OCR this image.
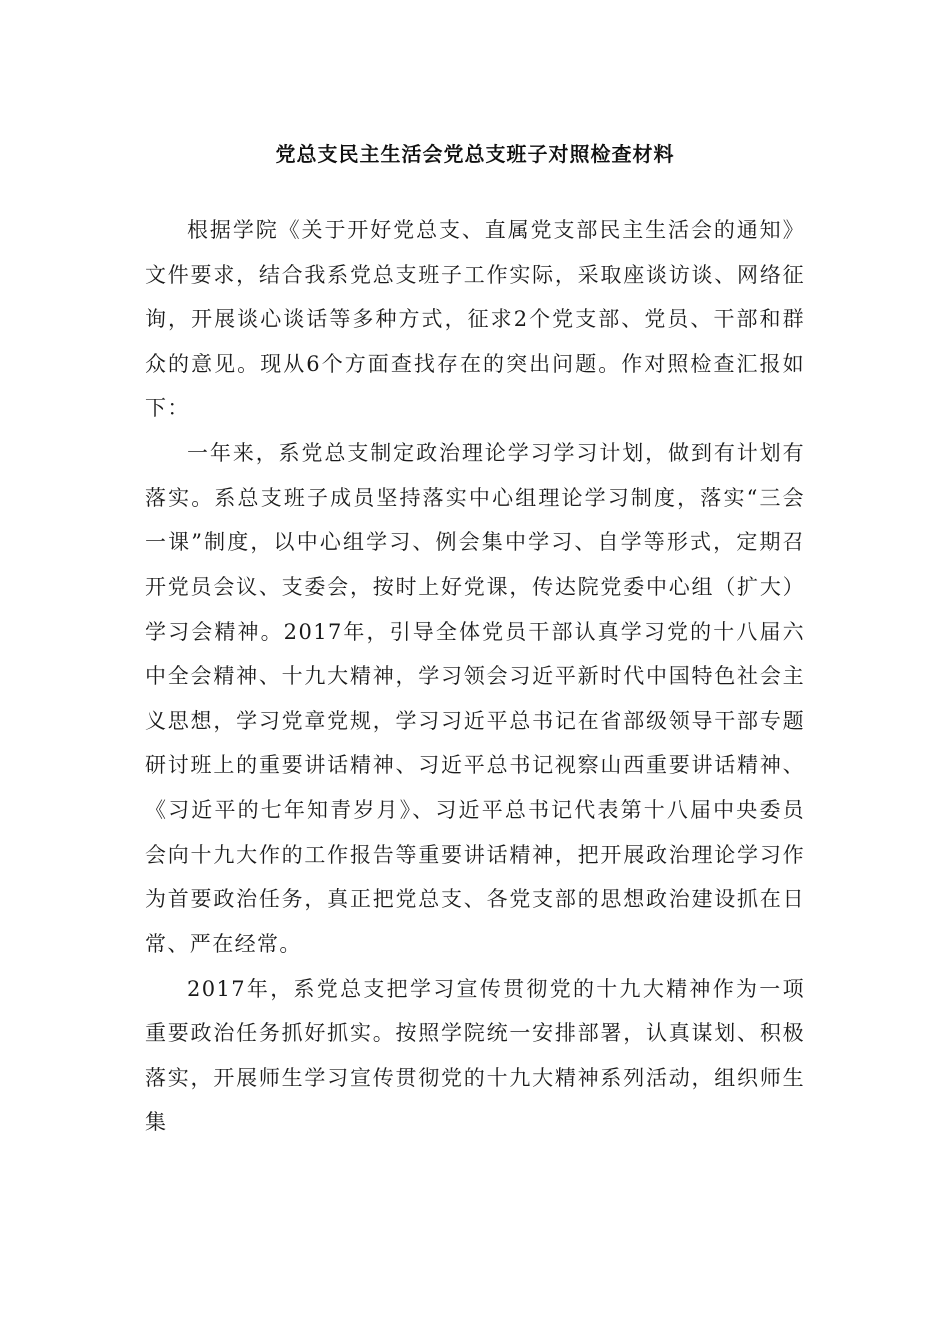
党总支民主生活会党总支班子对照检查材料

根据学院《关于开好党总支、直属党支部民主生活会的通知》文件要求，结合我系党总支班子工作实际，采取座谈访谈、网络征询，开展谈心谈话等多种方式，征求2个党支部、党员、干部和群众的意见。现从6个方面查找存在的突出问题。作对照检查汇报如下：

一年来，系党总支制定政治理论学习学习计划，做到有计划有落实。系总支班子成员坚持落实中心组理论学习制度，落实“三会一课”制度，以中心组学习、例会集中学习、自学等形式，定期召开党员会议、支委会，按时上好党课，传达院党委中心组（扩大）学习会精神。2017年，引导全体党员干部认真学习党的十八届六中全会精神、十九大精神，学习领会习近平新时代中国特色社会主义思想，学习党章党规，学习习近平总书记在省部级领导干部专题研讨班上的重要讲话精神、习近平总书记视察山西重要讲话精神、《习近平的七年知青岁月》、习近平总书记代表第十八届中央委员会向十九大作的工作报告等重要讲话精神，把开展政治理论学习作为首要政治任务，真正把党总支、各党支部的思想政治建设抓在日常、严在经常。

2017年，系党总支把学习宣传贯彻党的十九大精神作为一项重要政治任务抓好抓实。按照学院统一安排部署，认真谋划、积极落实，开展师生学习宣传贯彻党的十九大精神系列活动，组织师生集
